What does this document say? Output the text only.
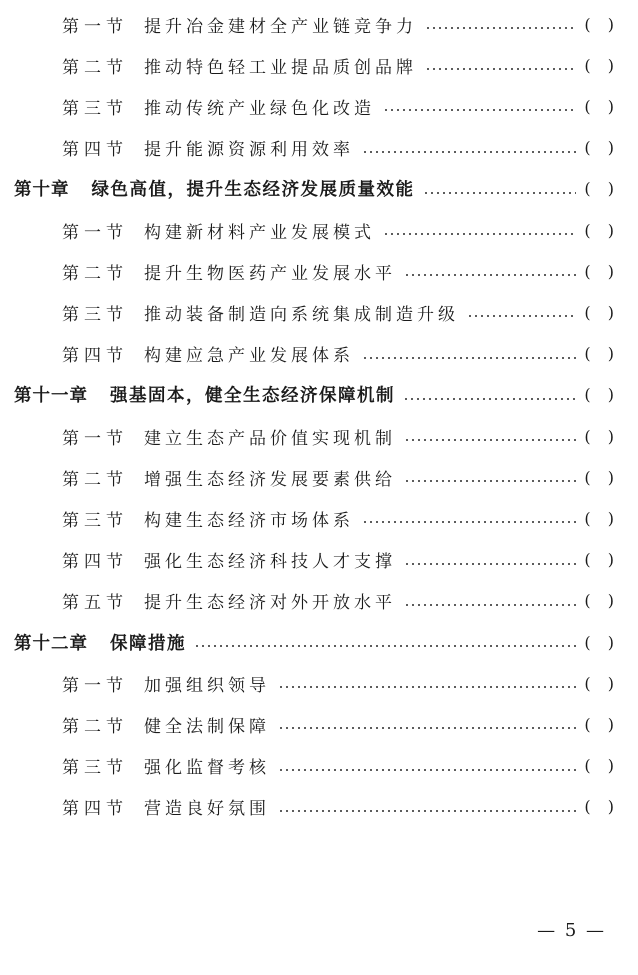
第一节 提升冶金建材全产业链竞争力	( )
第二节 推动特色轻工业提品质创品牌	( )
第三节 推动传统产业绿色化改造	( )
第四节 提升能源资源利用效率	( )
第十章 绿色高值，提升生态经济发展质量效能	( )
第一节 构建新材料产业发展模式	( )
第二节 提升生物医药产业发展水平	( )
第三节 推动装备制造向系统集成制造升级	( )
第四节 构建应急产业发展体系	( )
第十一章 强基固本，健全生态经济保障机制	( )
第一节 建立生态产品价值实现机制	( )
第二节 增强生态经济发展要素供给	( )
第三节 构建生态经济市场体系	( )
第四节 强化生态经济科技人才支撑	( )
第五节 提升生态经济对外开放水平	( )
第十二章 保障措施	( )
第一节 加强组织领导	( )
第二节 健全法制保障	( )
第三节 强化监督考核	( )
第四节 营造良好氛围	( )
— 5 —
